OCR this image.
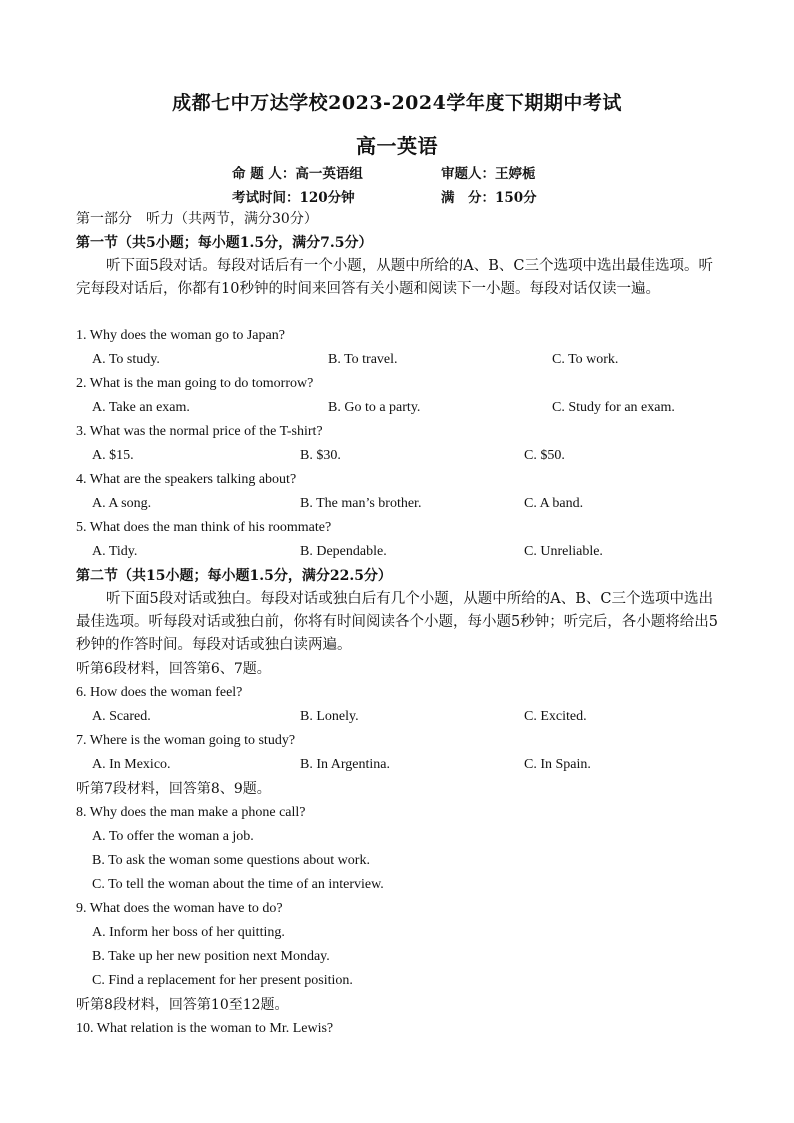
成都七中万达学校2023-2024学年度下期期中考试
高一英语
命 题 人：高一英语组	审题人：王婷栀
考试时间：120分钟	满　分：150分
第一部分　听力（共两节，满分30分）
第一节（共5小题；每小题1.5分，满分7.5分）
听下面5段对话。每段对话后有一个小题，从题中所给的A、B、C三个选项中选出最佳选项。听完每段对话后，你都有10秒钟的时间来回答有关小题和阅读下一小题。每段对话仅读一遍。
1. Why does the woman go to Japan?
A. To study.	B. To travel.	C. To work.
2. What is the man going to do tomorrow?
A. Take an exam.	B. Go to a party.	C. Study for an exam.
3. What was the normal price of the T-shirt?
A. $15.	B. $30.	C. $50.
4. What are the speakers talking about?
A. A song.	B. The man’s brother.	C. A band.
5. What does the man think of his roommate?
A. Tidy.	B. Dependable.	C. Unreliable.
第二节（共15小题；每小题1.5分，满分22.5分）
听下面5段对话或独白。每段对话或独白后有几个小题，从题中所给的A、B、C三个选项中选出最佳选项。听每段对话或独白前，你将有时间阅读各个小题，每小题5秒钟；听完后，各小题将给出5秒钟的作答时间。每段对话或独白读两遍。
听第6段材料，回答第6、7题。
6. How does the woman feel?
A. Scared.	B. Lonely.	C. Excited.
7. Where is the woman going to study?
A. In Mexico.	B. In Argentina.	C. In Spain.
听第7段材料，回答第8、9题。
8. Why does the man make a phone call?
A. To offer the woman a job.
B. To ask the woman some questions about work.
C. To tell the woman about the time of an interview.
9. What does the woman have to do?
A. Inform her boss of her quitting.
B. Take up her new position next Monday.
C. Find a replacement for her present position.
听第8段材料，回答第10至12题。
10. What relation is the woman to Mr. Lewis?
